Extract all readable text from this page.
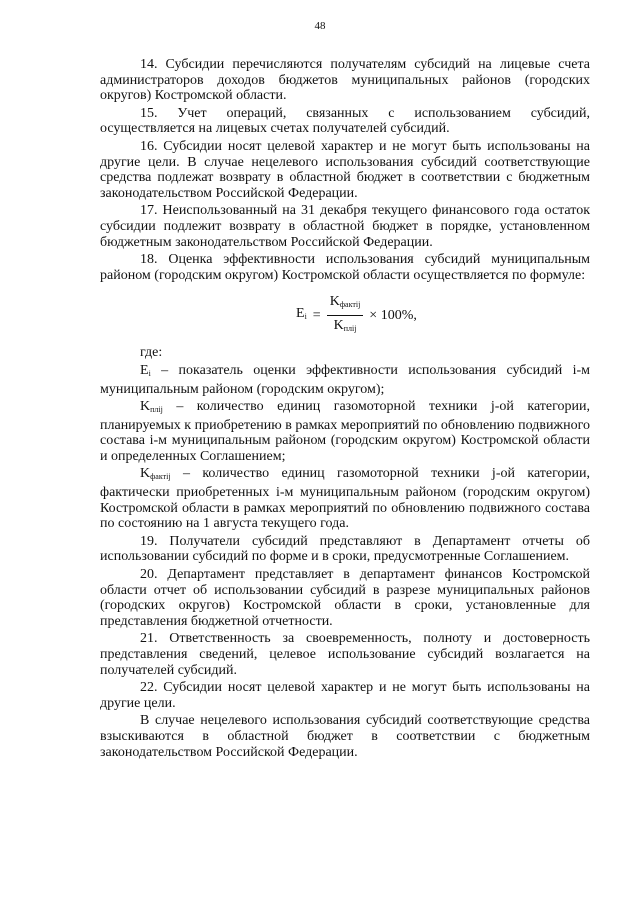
48

14. Субсидии перечисляются получателям субсидий на лицевые счета администраторов доходов бюджетов муниципальных районов (городских округов) Костромской области.

15. Учет операций, связанных с использованием субсидий, осуществляется на лицевых счетах получателей субсидий.

16. Субсидии носят целевой характер и не могут быть использованы на другие цели. В случае нецелевого использования субсидий соответствующие средства подлежат возврату в областной бюджет в соответствии с бюджетным законодательством Российской Федерации.

17. Неиспользованный на 31 декабря текущего финансового года остаток субсидии подлежит возврату в областной бюджет в порядке, установленном бюджетным законодательством Российской Федерации.

18. Оценка эффективности использования субсидий муниципальным районом (городским округом) Костромской области осуществляется по формуле:

$E_i = \frac{K_{фактij}}{K_{плij}} \times 100\%$,

где:

$E_i$ – показатель оценки эффективности использования субсидий i-м муниципальным районом (городским округом);

$K_{плij}$ – количество единиц газомоторной техники j-ой категории, планируемых к приобретению в рамках мероприятий по обновлению подвижного состава i-м муниципальным районом (городским округом) Костромской области и определенных Соглашением;

$K_{фактij}$ – количество единиц газомоторной техники j-ой категории, фактически приобретенных i-м муниципальным районом (городским округом) Костромской области в рамках мероприятий по обновлению подвижного состава по состоянию на 1 августа текущего года.

19. Получатели субсидий представляют в Департамент отчеты об использовании субсидий по форме и в сроки, предусмотренные Соглашением.

20. Департамент представляет в департамент финансов Костромской области отчет об использовании субсидий в разрезе муниципальных районов (городских округов) Костромской области в сроки, установленные для представления бюджетной отчетности.

21. Ответственность за своевременность, полноту и достоверность представления сведений, целевое использование субсидий возлагается на получателей субсидий.

22. Субсидии носят целевой характер и не могут быть использованы на другие цели.

В случае нецелевого использования субсидий соответствующие средства взыскиваются в областной бюджет в соответствии с бюджетным законодательством Российской Федерации.
